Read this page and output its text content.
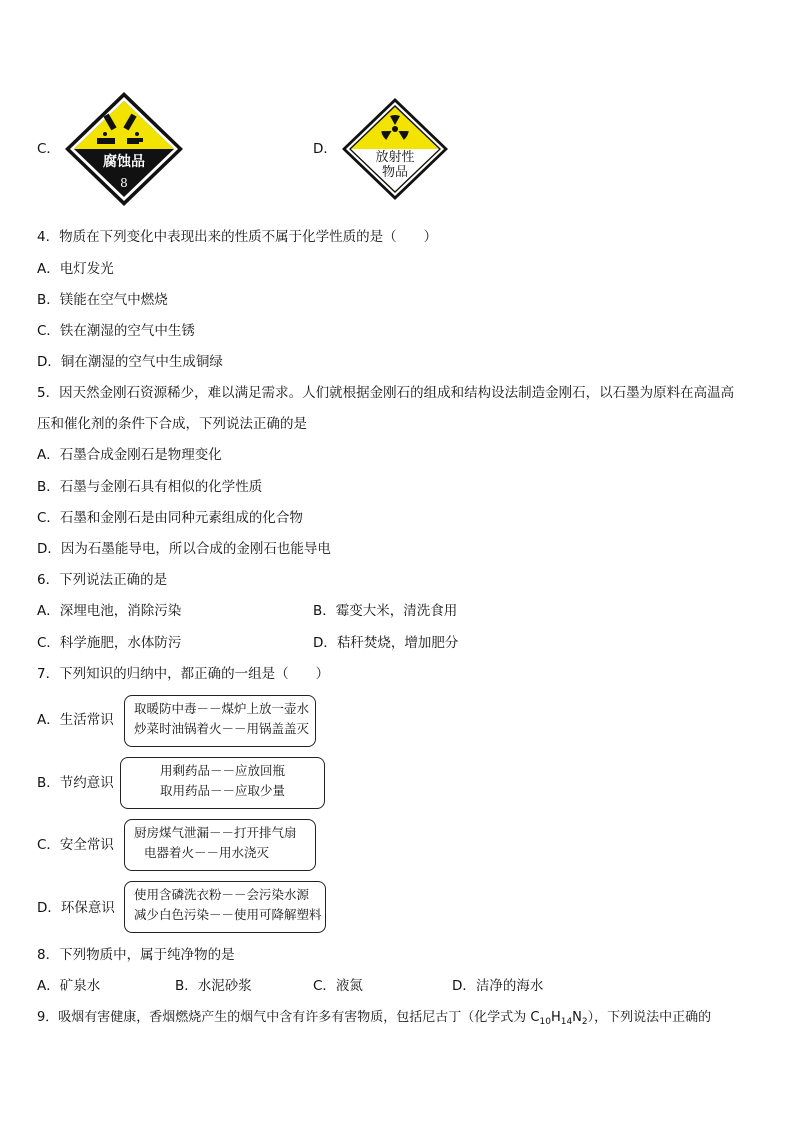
C．
腐蚀品
8
D．
放射性
物品
4．物质在下列变化中表现出来的性质不属于化学性质的是（　　）
A．电灯发光
B．镁能在空气中燃烧
C．铁在潮湿的空气中生锈
D．铜在潮湿的空气中生成铜绿
5．因天然金刚石资源稀少，难以满足需求。人们就根据金刚石的组成和结构设法制造金刚石，以石墨为原料在高温高
压和催化剂的条件下合成，下列说法正确的是
A．石墨合成金刚石是物理变化
B．石墨与金刚石具有相似的化学性质
C．石墨和金刚石是由同种元素组成的化合物
D．因为石墨能导电，所以合成的金刚石也能导电
6．下列说法正确的是
A．深埋电池，消除污染	B．霉变大米，清洗食用
C．科学施肥，水体防污	D．秸秆焚烧，增加肥分
7．下列知识的归纳中，都正确的一组是（　　）
A．生活常识
取暖防中毒－－煤炉上放一壶水
炒菜时油锅着火－－用锅盖盖灭
B．节约意识
用剩药品－－应放回瓶
取用药品－－应取少量
C．安全常识
厨房煤气泄漏－－打开排气扇
电器着火－－用水浇灭
D．环保意识
使用含磷洗衣粉－－会污染水源
减少白色污染－－使用可降解塑料
8．下列物质中，属于纯净物的是
A．矿泉水	B．水泥砂浆	C．液氮	D．洁净的海水
9．吸烟有害健康，香烟燃烧产生的烟气中含有许多有害物质，包括尼古丁（化学式为 $C_{10}H_{14}N_2$），下列说法中正确的
